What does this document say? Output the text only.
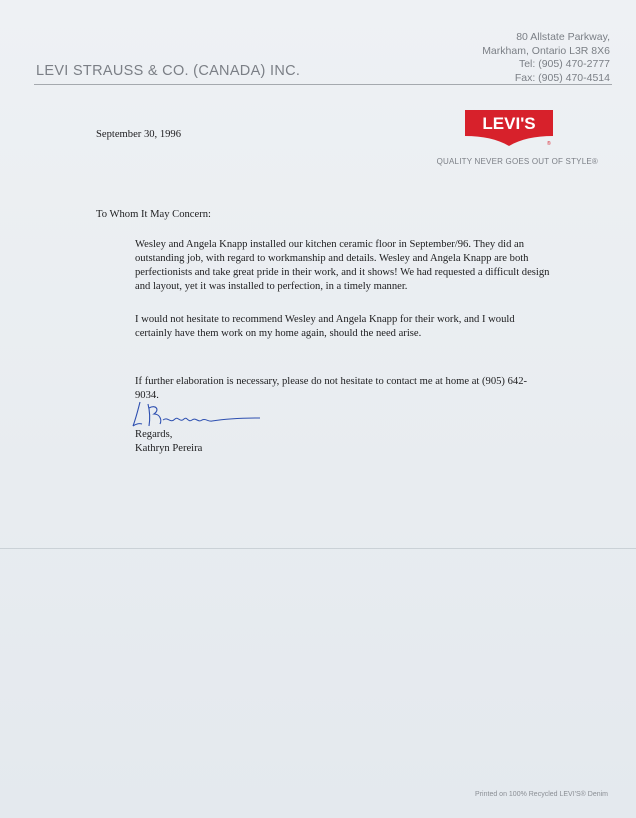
LEVI STRAUSS & CO. (CANADA) INC.
80 Allstate Parkway,
Markham, Ontario L3R 8X6
Tel: (905) 470-2777
Fax: (905) 470-4514
LEVI'S
®
QUALITY NEVER GOES OUT OF STYLE®
September 30, 1996
To Whom It May Concern:
Wesley and Angela Knapp installed our kitchen ceramic floor in September/96. They did an
outstanding job, with regard to workmanship and details. Wesley and Angela Knapp are both
perfectionists and take great pride in their work, and it shows! We had requested a difficult design
and layout, yet it was installed to perfection, in a timely manner.
I would not hesitate to recommend Wesley and Angela Knapp for their work, and I would
certainly have them work on my home again, should the need arise.
If further elaboration is necessary, please do not hesitate to contact me at home at (905) 642-
9034.
Regards,
Kathryn Pereira
Printed on 100% Recycled LEVI'S® Denim
